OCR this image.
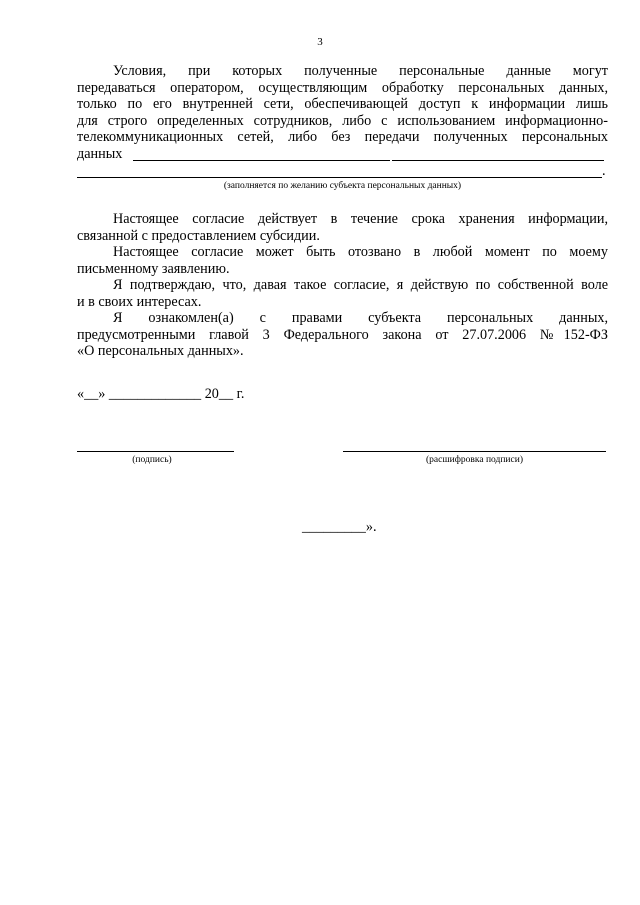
3
Условия, при которых полученные персональные данные могут
передаваться оператором, осуществляющим обработку персональных данных,
только по его внутренней сети, обеспечивающей доступ к информации лишь
для строго определенных сотрудников, либо с использованием информационно-
телекоммуникационных сетей, либо без передачи полученных персональных
данных
.
(заполняется по желанию субъекта персональных данных)
Настоящее согласие действует в течение срока хранения информации,
связанной с предоставлением субсидии.
Настоящее согласие может быть отозвано в любой момент по моему
письменному заявлению.
Я подтверждаю, что, давая такое согласие, я действую по собственной воле
и в своих интересах.
Я ознакомлен(а) с правами субъекта персональных данных,
предусмотренными главой 3 Федерального закона от 27.07.2006 №152-ФЗ
«О персональных данных».
«__» _____________ 20__ г.
(подпись)	(расшифровка подписи)
_________».
